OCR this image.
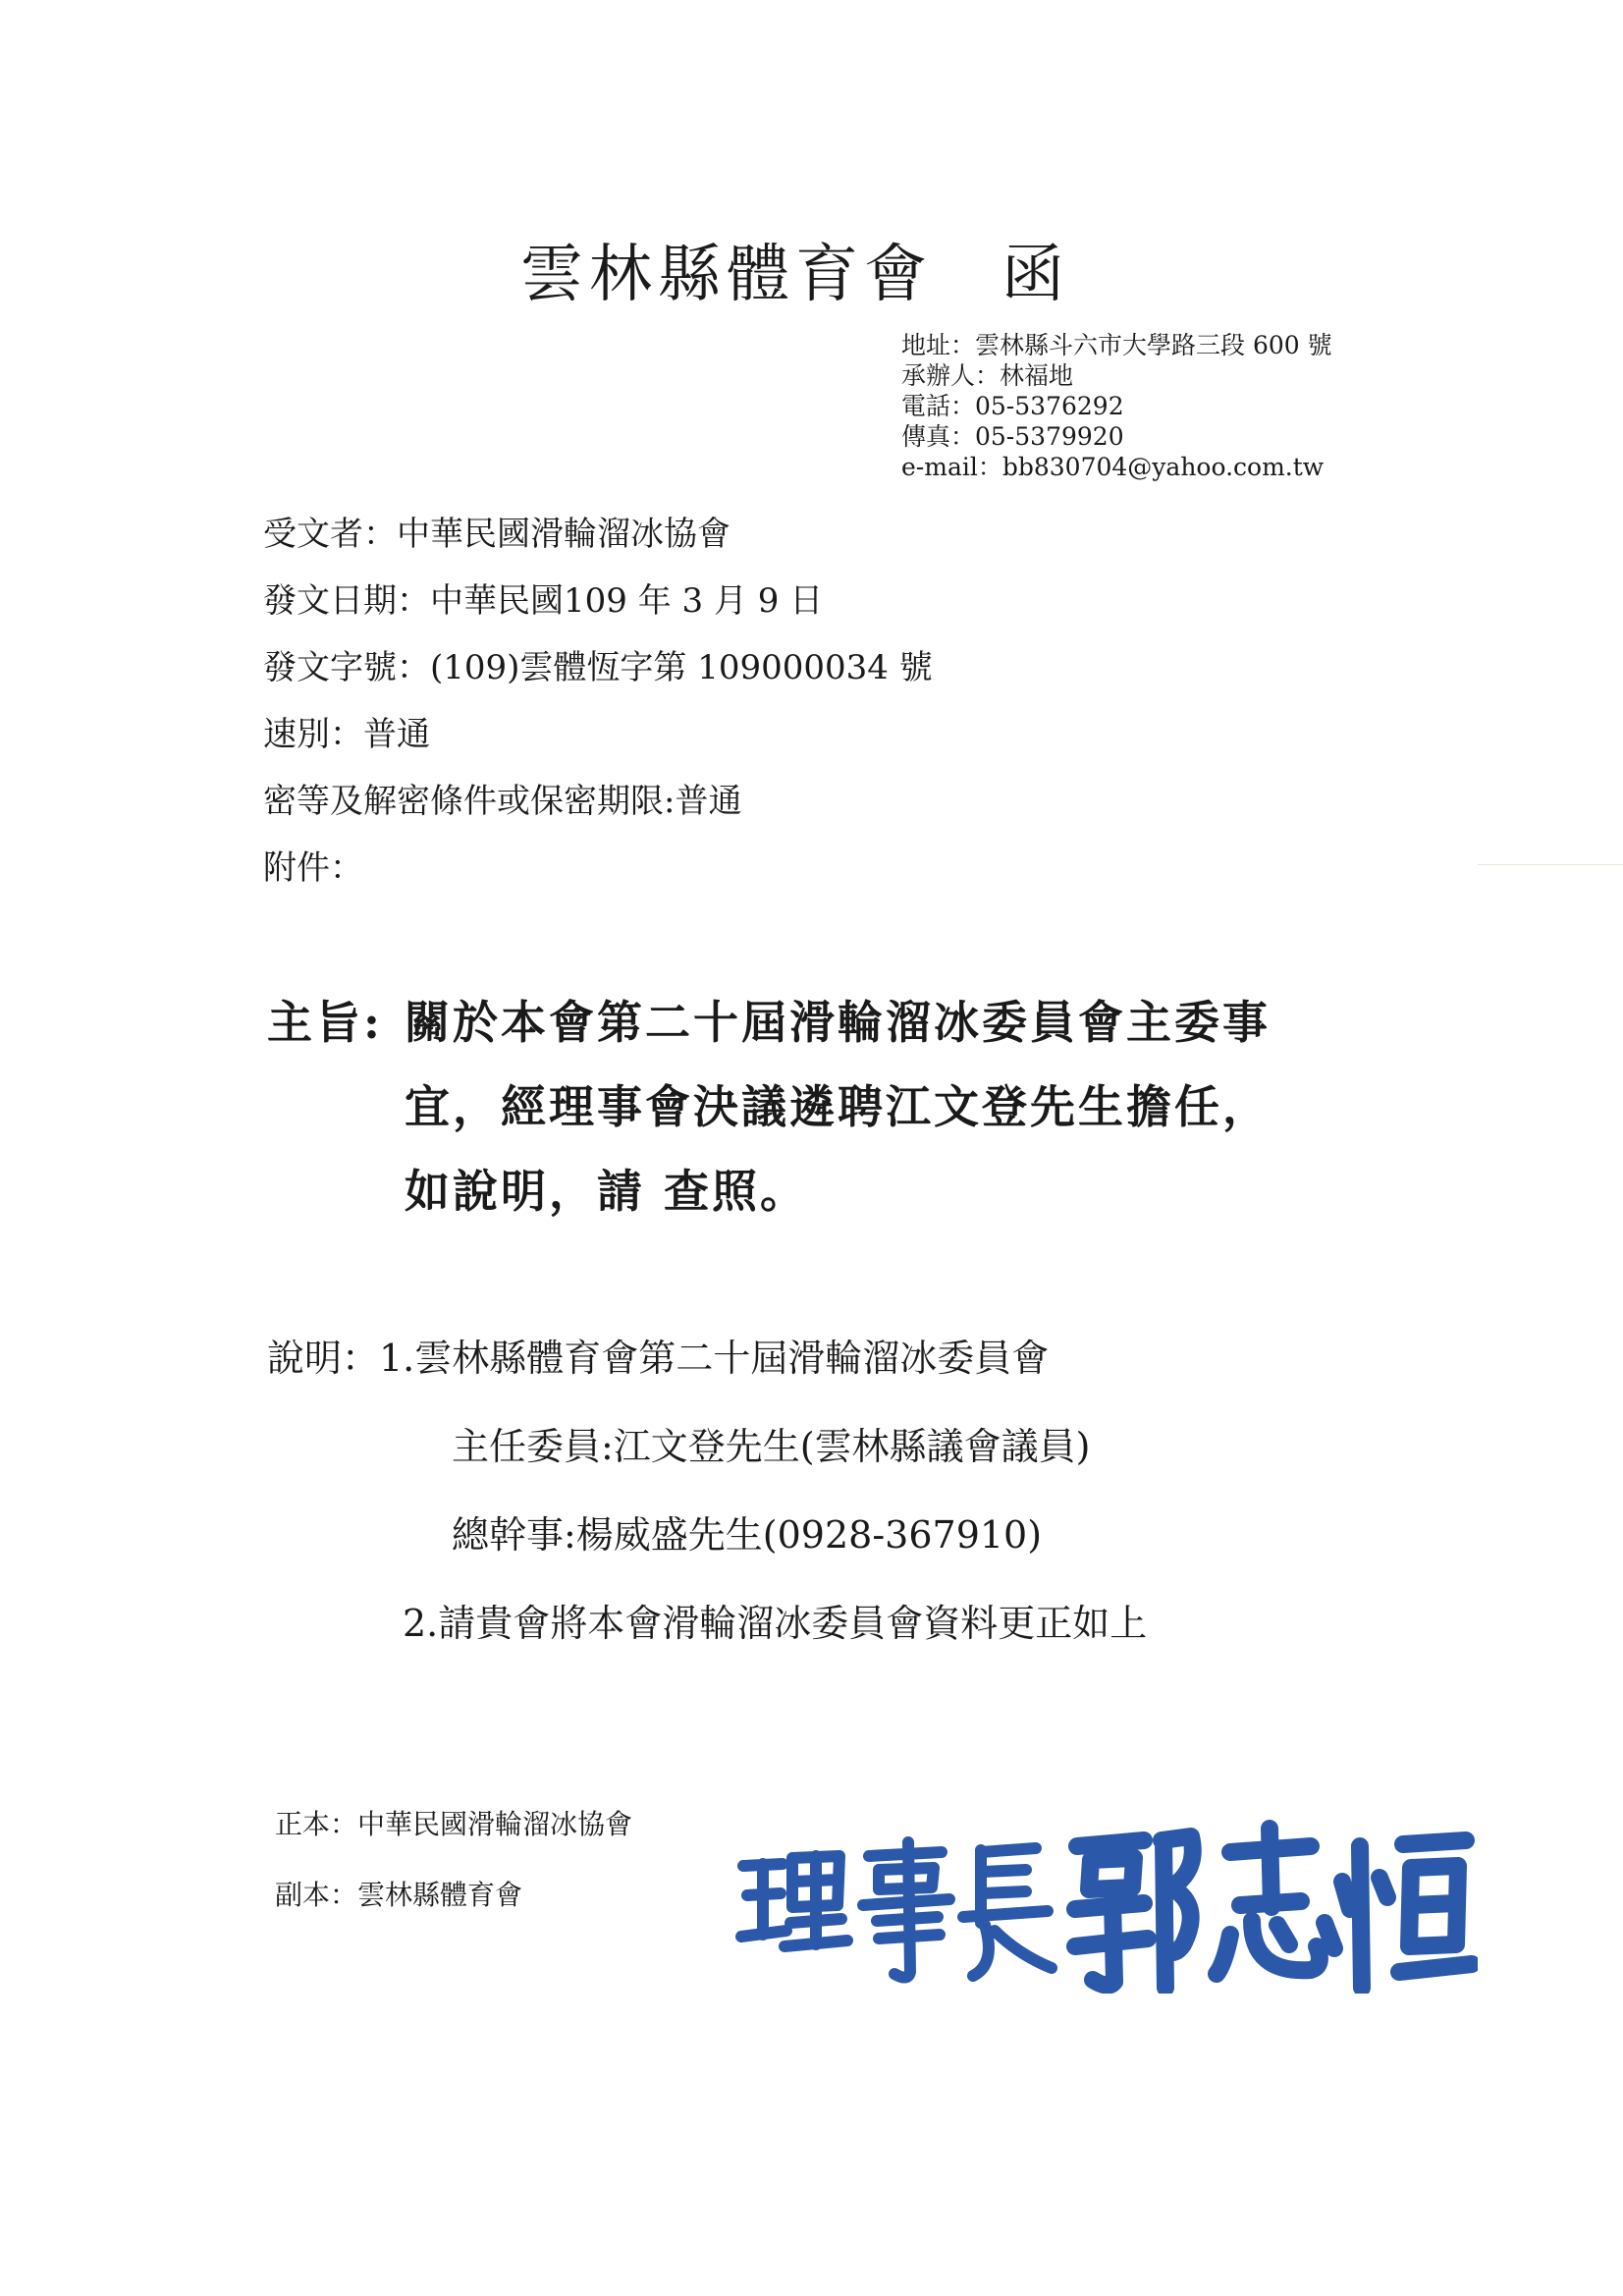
雲林縣體育會 函
地址：雲林縣斗六市大學路三段 600 號
承辦人：林福地
電話：05-5376292
傳真：05-5379920
e-mail：bb830704@yahoo.com.tw
受文者：中華民國滑輪溜冰協會
發文日期：中華民國109 年 3 月 9 日
發文字號：(109)雲體恆字第 109000034 號
速別：普通
密等及解密條件或保密期限:普通
附件：
主旨: 關於本會第二十屆滑輪溜冰委員會主委事
宜，經理事會決議遴聘江文登先生擔任，
如說明，請 查照。
說明：1.雲林縣體育會第二十屆滑輪溜冰委員會
主任委員:江文登先生(雲林縣議會議員)
總幹事:楊威盛先生(0928-367910)
2.請貴會將本會滑輪溜冰委員會資料更正如上
正本：中華民國滑輪溜冰協會
副本：雲林縣體育會
